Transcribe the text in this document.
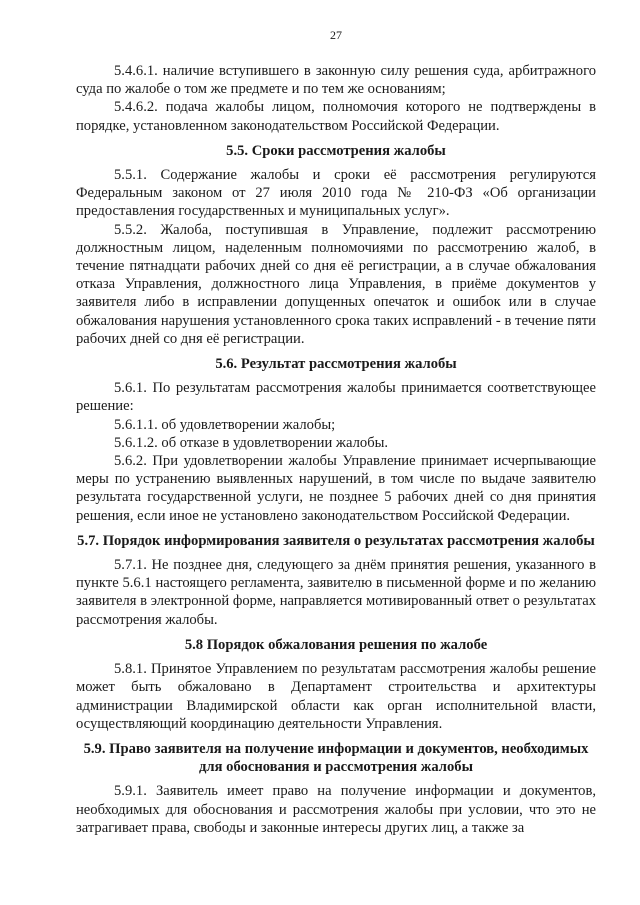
27

5.4.6.1. наличие вступившего в законную силу решения суда, арбитражного суда по жалобе о том же предмете и по тем же основаниям;

5.4.6.2. подача жалобы лицом, полномочия которого не подтверждены в порядке, установленном законодательством Российской Федерации.

5.5. Сроки рассмотрения жалобы

5.5.1. Содержание жалобы и сроки её рассмотрения регулируются Федеральным законом от 27 июля 2010 года № 210-ФЗ «Об организации предоставления государственных и муниципальных услуг».

5.5.2. Жалоба, поступившая в Управление, подлежит рассмотрению должностным лицом, наделенным полномочиями по рассмотрению жалоб, в течение пятнадцати рабочих дней со дня её регистрации, а в случае обжалования отказа Управления, должностного лица Управления, в приёме документов у заявителя либо в исправлении допущенных опечаток и ошибок или в случае обжалования нарушения установленного срока таких исправлений - в течение пяти рабочих дней со дня её регистрации.

5.6. Результат рассмотрения жалобы

5.6.1. По результатам рассмотрения жалобы принимается соответствующее решение:

5.6.1.1. об удовлетворении жалобы;

5.6.1.2. об отказе в удовлетворении жалобы.

5.6.2. При удовлетворении жалобы Управление принимает исчерпывающие меры по устранению выявленных нарушений, в том числе по выдаче заявителю результата государственной услуги, не позднее 5 рабочих дней со дня принятия решения, если иное не установлено законодательством Российской Федерации.

5.7. Порядок информирования заявителя о результатах рассмотрения жалобы

5.7.1. Не позднее дня, следующего за днём принятия решения, указанного в пункте 5.6.1 настоящего регламента, заявителю в письменной форме и по желанию заявителя в электронной форме, направляется мотивированный ответ о результатах рассмотрения жалобы.

5.8 Порядок обжалования решения по жалобе

5.8.1. Принятое Управлением по результатам рассмотрения жалобы решение может быть обжаловано в Департамент строительства и архитектуры администрации Владимирской области как орган исполнительной власти, осуществляющий координацию деятельности Управления.

5.9. Право заявителя на получение информации и документов, необходимых для обоснования и рассмотрения жалобы

5.9.1. Заявитель имеет право на получение информации и документов, необходимых для обоснования и рассмотрения жалобы при условии, что это не затрагивает права, свободы и законные интересы других лиц, а также за
